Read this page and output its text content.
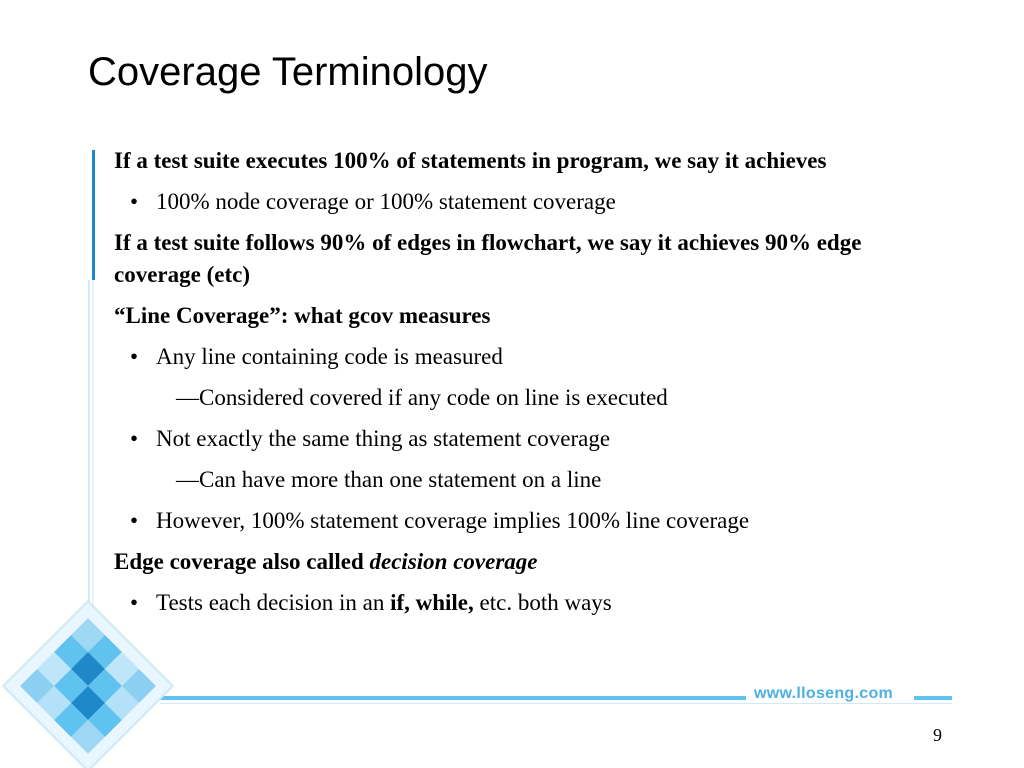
Coverage Terminology
If a test suite executes 100% of statements in program, we say it achieves
• 100% node coverage or 100% statement coverage
If a test suite follows 90% of edges in flowchart, we say it achieves 90% edge coverage (etc)
“Line Coverage”: what gcov measures
• Any line containing code is measured
—Considered covered if any code on line is executed
• Not exactly the same thing as statement coverage
—Can have more than one statement on a line
• However, 100% statement coverage implies 100% line coverage
Edge coverage also called decision coverage
• Tests each decision in an if, while, etc. both ways
www.lloseng.com
9
